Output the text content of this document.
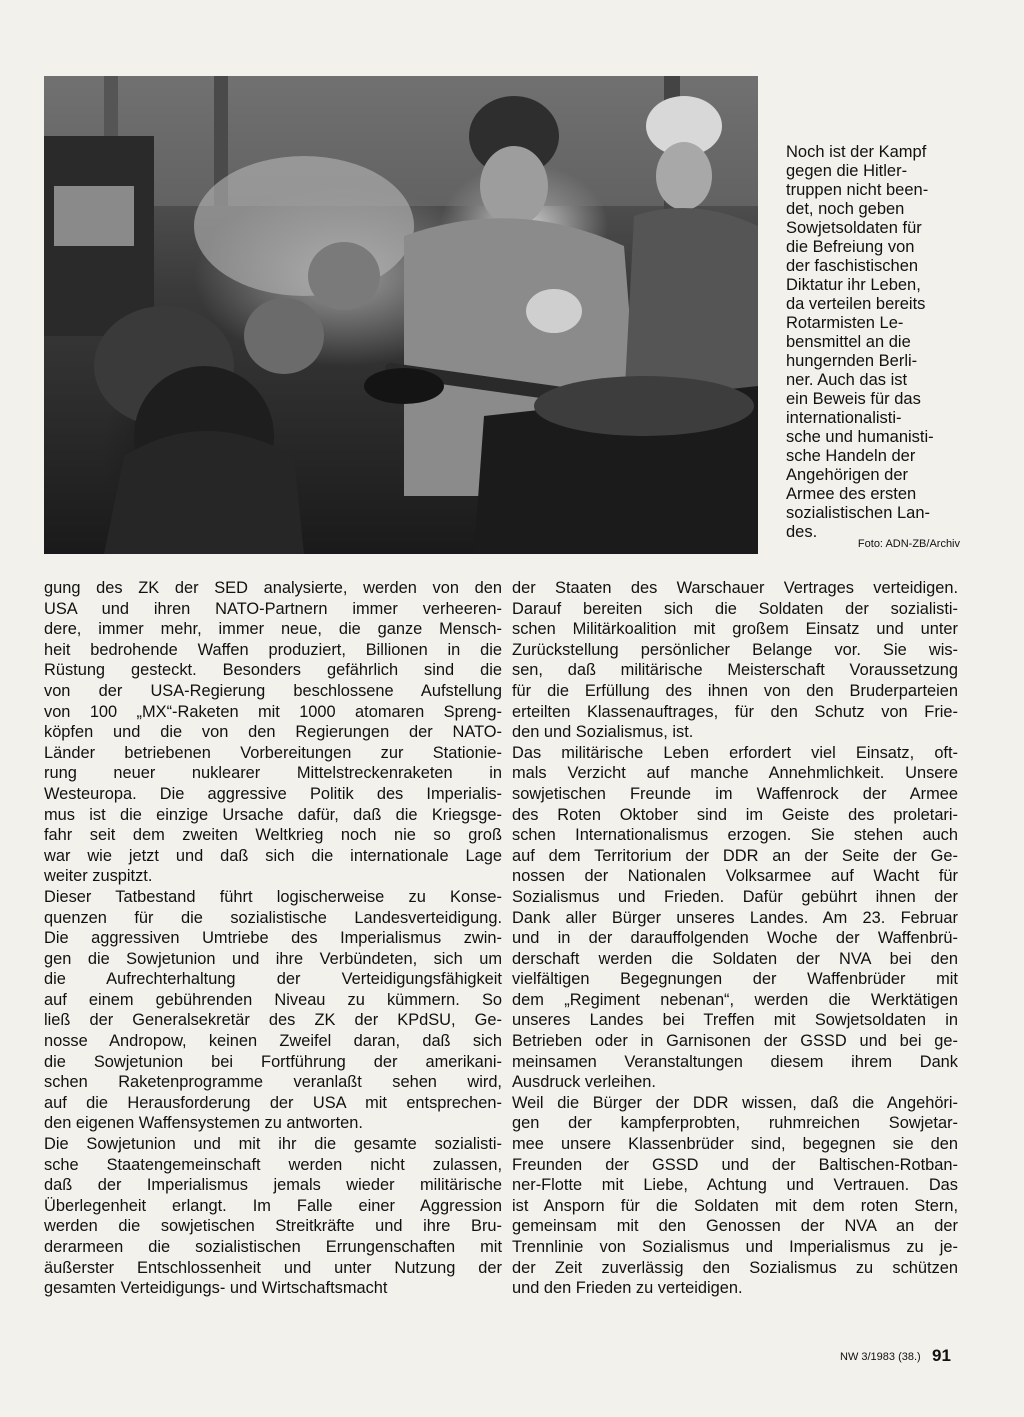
Noch ist der Kampf
gegen die Hitler-
truppen nicht been-
det, noch geben
Sowjetsoldaten für
die Befreiung von
der faschistischen
Diktatur ihr Leben,
da verteilen bereits
Rotarmisten Le-
bensmittel an die
hungernden Berli-
ner. Auch das ist
ein Beweis für das
internationalisti-
sche und humanisti-
sche Handeln der
Angehörigen der
Armee des ersten
sozialistischen Lan-
des.

Foto: ADN-ZB/Archiv
gung des ZK der SED analysierte, werden von den
USA und ihren NATO-Partnern immer verheeren-
dere, immer mehr, immer neue, die ganze Mensch-
heit bedrohende Waffen produziert, Billionen in die
Rüstung gesteckt. Besonders gefährlich sind die
von der USA-Regierung beschlossene Aufstellung
von 100 „MX“-Raketen mit 1000 atomaren Spreng-
köpfen und die von den Regierungen der NATO-
Länder betriebenen Vorbereitungen zur Stationie-
rung neuer nuklearer Mittelstreckenraketen in
Westeuropa. Die aggressive Politik des Imperialis-
mus ist die einzige Ursache dafür, daß die Kriegsge-
fahr seit dem zweiten Weltkrieg noch nie so groß
war wie jetzt und daß sich die internationale Lage
weiter zuspitzt.
Dieser Tatbestand führt logischerweise zu Konse-
quenzen für die sozialistische Landesverteidigung.
Die aggressiven Umtriebe des Imperialismus zwin-
gen die Sowjetunion und ihre Verbündeten, sich um
die Aufrechterhaltung der Verteidigungsfähigkeit
auf einem gebührenden Niveau zu kümmern. So
ließ der Generalsekretär des ZK der KPdSU, Ge-
nosse Andropow, keinen Zweifel daran, daß sich
die Sowjetunion bei Fortführung der amerikani-
schen Raketenprogramme veranlaßt sehen wird,
auf die Herausforderung der USA mit entsprechen-
den eigenen Waffensystemen zu antworten.
Die Sowjetunion und mit ihr die gesamte sozialisti-
sche Staatengemeinschaft werden nicht zulassen,
daß der Imperialismus jemals wieder militärische
Überlegenheit erlangt. Im Falle einer Aggression
werden die sowjetischen Streitkräfte und ihre Bru-
derarmeen die sozialistischen Errungenschaften mit
äußerster Entschlossenheit und unter Nutzung der
gesamten Verteidigungs- und Wirtschaftsmacht
der Staaten des Warschauer Vertrages verteidigen.
Darauf bereiten sich die Soldaten der sozialisti-
schen Militärkoalition mit großem Einsatz und unter
Zurückstellung persönlicher Belange vor. Sie wis-
sen, daß militärische Meisterschaft Voraussetzung
für die Erfüllung des ihnen von den Bruderparteien
erteilten Klassenauftrages, für den Schutz von Frie-
den und Sozialismus, ist.
Das militärische Leben erfordert viel Einsatz, oft-
mals Verzicht auf manche Annehmlichkeit. Unsere
sowjetischen Freunde im Waffenrock der Armee
des Roten Oktober sind im Geiste des proletari-
schen Internationalismus erzogen. Sie stehen auch
auf dem Territorium der DDR an der Seite der Ge-
nossen der Nationalen Volksarmee auf Wacht für
Sozialismus und Frieden. Dafür gebührt ihnen der
Dank aller Bürger unseres Landes. Am 23. Februar
und in der darauffolgenden Woche der Waffenbrü-
derschaft werden die Soldaten der NVA bei den
vielfältigen Begegnungen der Waffenbrüder mit
dem „Regiment nebenan“, werden die Werktätigen
unseres Landes bei Treffen mit Sowjetsoldaten in
Betrieben oder in Garnisonen der GSSD und bei ge-
meinsamen Veranstaltungen diesem ihrem Dank
Ausdruck verleihen.
Weil die Bürger der DDR wissen, daß die Angehöri-
gen der kampferprobten, ruhmreichen Sowjetar-
mee unsere Klassenbrüder sind, begegnen sie den
Freunden der GSSD und der Baltischen-Rotban-
ner-Flotte mit Liebe, Achtung und Vertrauen. Das
ist Ansporn für die Soldaten mit dem roten Stern,
gemeinsam mit den Genossen der NVA an der
Trennlinie von Sozialismus und Imperialismus zu je-
der Zeit zuverlässig den Sozialismus zu schützen
und den Frieden zu verteidigen.
NW 3/1983 (38.) 91
